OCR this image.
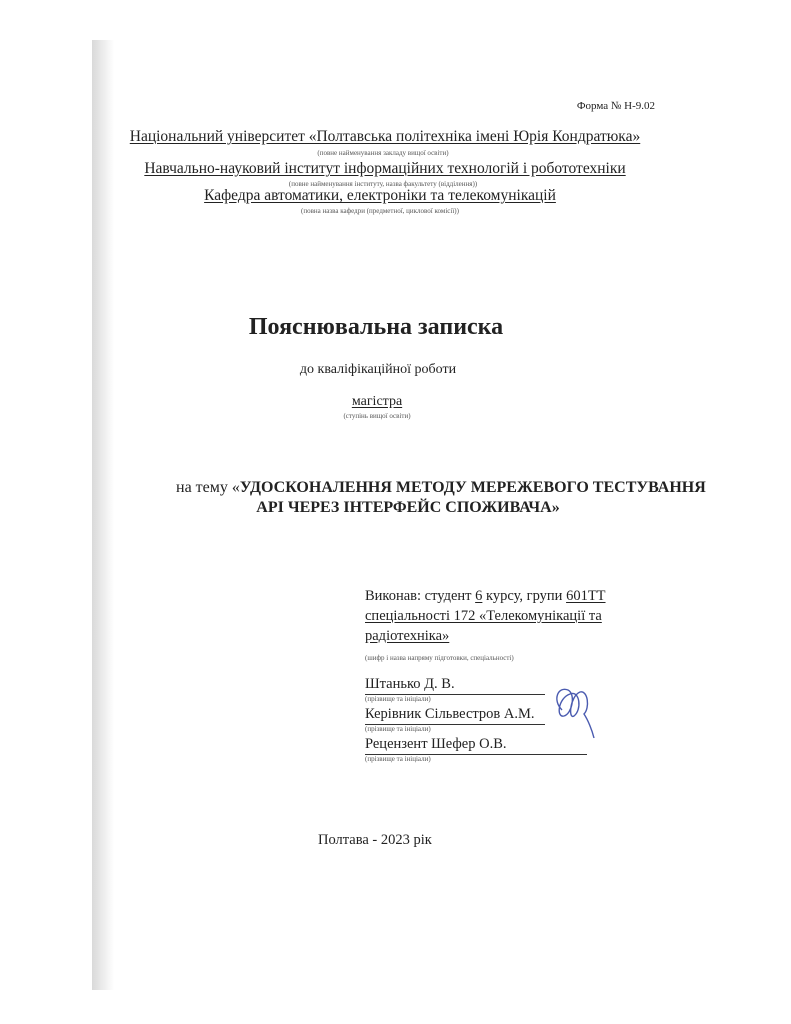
Форма № Н-9.02
Національний університет «Полтавська політехніка імені Юрія Кондратюка»
(повне найменування закладу вищої освіти)
Навчально-науковий інститут інформаційних технологій і робототехніки
(повне найменування інституту, назва факультету (відділення))
Кафедра автоматики, електроніки та телекомунікацій
(повна назва кафедри (предметної, циклової комісії))
Пояснювальна записка
до кваліфікаційної роботи
магістра
(ступінь вищої освіти)
на тему «УДОСКОНАЛЕННЯ МЕТОДУ МЕРЕЖЕВОГО ТЕСТУВАННЯ
API ЧЕРЕЗ ІНТЕРФЕЙС СПОЖИВАЧА»
Виконав: студент 6 курсу, групи 601ТТ
спеціальності 172 «Телекомунікації та
радіотехніка»
(шифр і назва напряму підготовки, спеціальності)
Штанько Д. В.
(прізвище та ініціали)
Керівник Сільвестров А.М.
(прізвище та ініціали)
Рецензент Шефер О.В.
(прізвище та ініціали)
Полтава - 2023 рік
